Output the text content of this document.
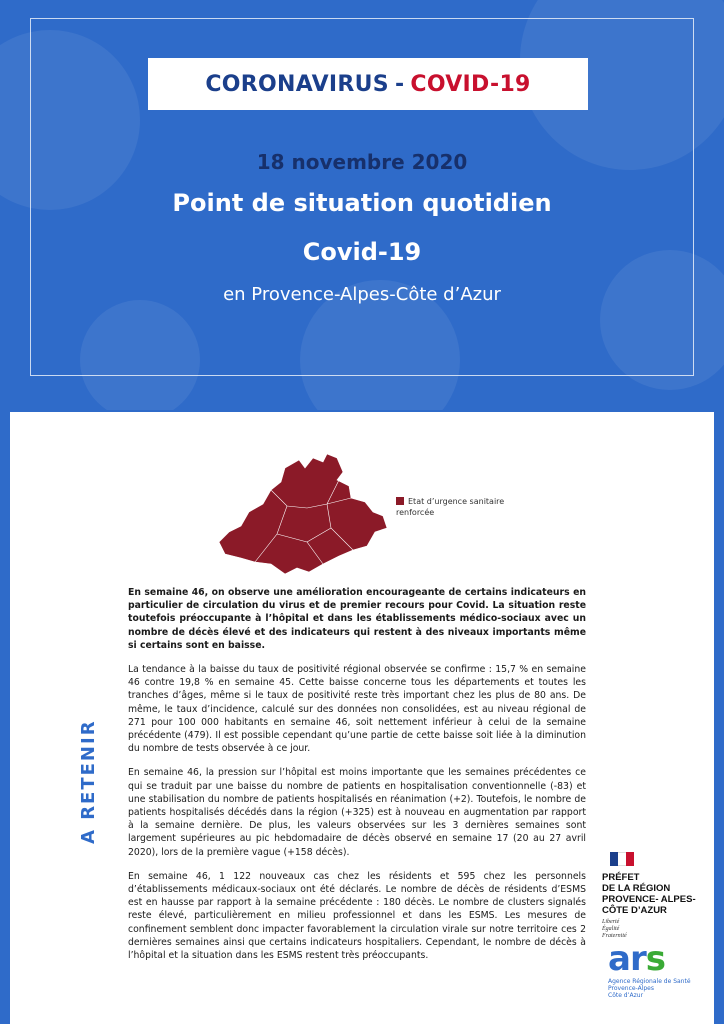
CORONAVIRUS - COVID-19
18 novembre 2020
Point de situation quotidien
Covid-19
en Provence-Alpes-Côte d’Azur
Etat d’urgence sanitaire renforcée

En semaine 46, on observe une amélioration encourageante de certains indicateurs en particulier de circulation du virus et de premier recours pour Covid. La situation reste toutefois préoccupante à l’hôpital et dans les établissements médico-sociaux avec un nombre de décès élevé et des indicateurs qui restent à des niveaux importants même si certains sont en baisse.

La tendance à la baisse du taux de positivité régional observée se confirme : 15,7 % en semaine 46 contre 19,8 % en semaine 45. Cette baisse concerne tous les départements et toutes les tranches d’âges, même si le taux de positivité reste très important chez les plus de 80 ans. De même, le taux d’incidence, calculé sur des données non consolidées, est au niveau régional de 271 pour 100 000 habitants en semaine 46, soit nettement inférieur à celui de la semaine précédente (479). Il est possible cependant qu’une partie de cette baisse soit liée à la diminution du nombre de tests observée à ce jour.

En semaine 46, la pression sur l’hôpital est moins importante que les semaines précédentes ce qui se traduit par une baisse du nombre de patients en hospitalisation conventionnelle (-83) et une stabilisation du nombre de patients hospitalisés en réanimation (+2). Toutefois, le nombre de patients hospitalisés décédés dans la région (+325) est à nouveau en augmentation par rapport à la semaine dernière. De plus, les valeurs observées sur les 3 dernières semaines sont largement supérieures au pic hebdomadaire de décès observé en semaine 17 (20 au 27 avril 2020), lors de la première vague (+158 décès).

En semaine 46, 1 122 nouveaux cas chez les résidents et 595 chez les personnels d’établissements médicaux-sociaux ont été déclarés. Le nombre de décès de résidents d’ESMS est en hausse par rapport à la semaine précédente : 180 décès. Le nombre de clusters signalés reste élevé, particulièrement en milieu professionnel et dans les ESMS. Les mesures de confinement semblent donc impacter favorablement la circulation virale sur notre territoire ces 2 dernières semaines ainsi que certains indicateurs hospitaliers. Cependant, le nombre de décès à l’hôpital et la situation dans les ESMS restent très préoccupants.

A RETENIR
PRÉFET
DE LA RÉGION
PROVENCE- ALPES-
CÔTE D’AZUR
Liberté
Égalité
Fraternité
ars
Agence Régionale de Santé
Provence-Alpes
Côte d’Azur
